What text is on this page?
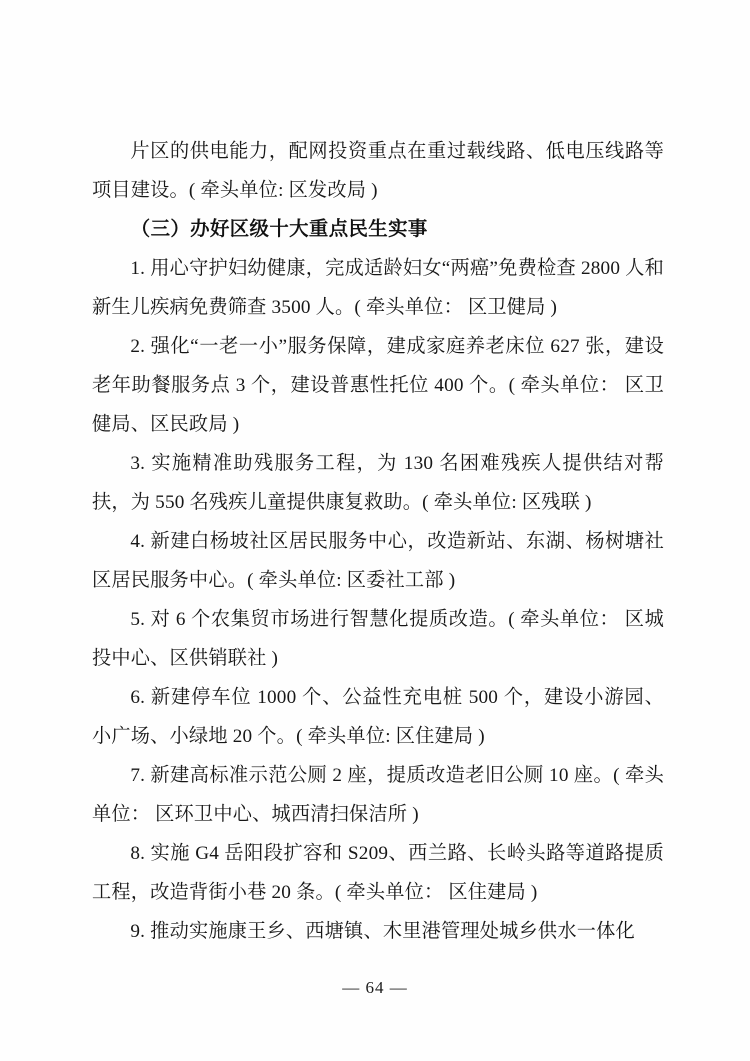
片区的供电能力，配网投资重点在重过载线路、低电压线路等项目建设。( 牵头单位: 区发改局 )

（三）办好区级十大重点民生实事

1. 用心守护妇幼健康，完成适龄妇女“两癌”免费检查 2800 人和新生儿疾病免费筛查 3500 人。( 牵头单位： 区卫健局 )

2. 强化“一老一小”服务保障，建成家庭养老床位 627 张，建设老年助餐服务点 3 个，建设普惠性托位 400 个。( 牵头单位： 区卫健局、区民政局 )

3. 实施精准助残服务工程，为 130 名困难残疾人提供结对帮扶，为 550 名残疾儿童提供康复救助。( 牵头单位: 区残联 )

4. 新建白杨坡社区居民服务中心，改造新站、东湖、杨树塘社区居民服务中心。( 牵头单位: 区委社工部 )

5. 对 6 个农集贸市场进行智慧化提质改造。( 牵头单位： 区城投中心、区供销联社 )

6. 新建停车位 1000 个、公益性充电桩 500 个，建设小游园、小广场、小绿地 20 个。( 牵头单位: 区住建局 )

7. 新建高标准示范公厕 2 座，提质改造老旧公厕 10 座。( 牵头单位： 区环卫中心、城西清扫保洁所 )

8. 实施 G4 岳阳段扩容和 S209、西兰路、长岭头路等道路提质工程，改造背街小巷 20 条。( 牵头单位： 区住建局 )

9. 推动实施康王乡、西塘镇、木里港管理处城乡供水一体化

— 64 —
